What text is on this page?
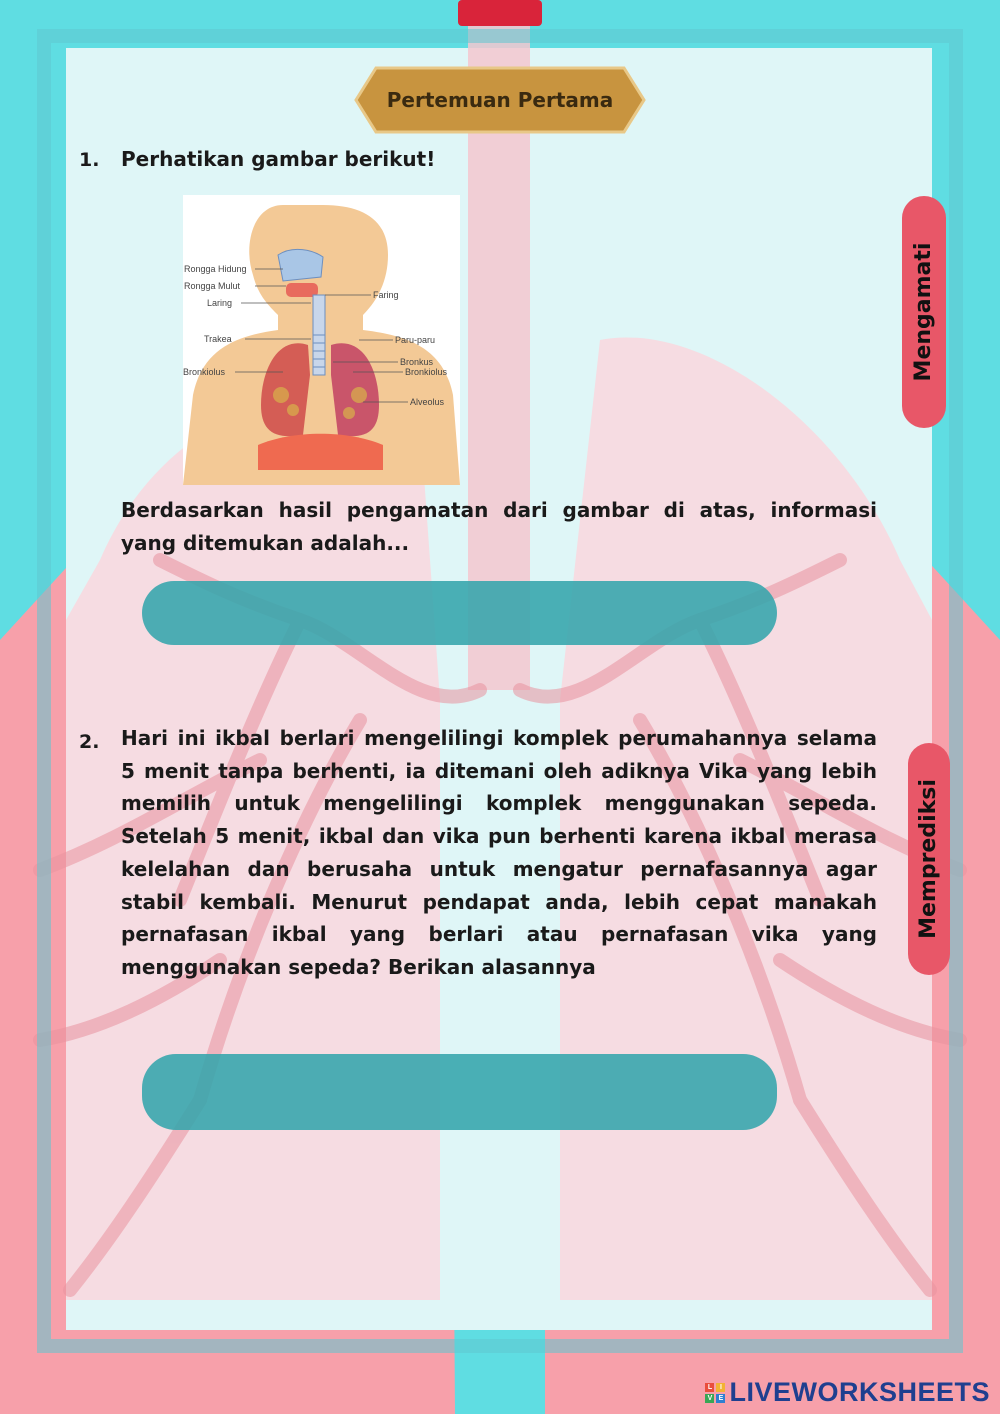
Pertemuan Pertama
1. Perhatikan gambar berikut!
Rongga Hidung
Rongga Mulut
Laring
Trakea
Bronkiolus
Faring
Paru-paru
Bronkus
Bronkiolus
Alveolus
Berdasarkan hasil pengamatan dari gambar di atas, informasi yang ditemukan adalah...
2. Hari ini ikbal berlari mengelilingi komplek perumahannya selama 5 menit tanpa berhenti, ia ditemani oleh adiknya Vika yang lebih memilih untuk mengelilingi komplek menggunakan sepeda. Setelah 5 menit, ikbal dan vika pun berhenti karena ikbal merasa kelelahan dan berusaha untuk mengatur pernafasannya agar stabil kembali. Menurut pendapat anda, lebih cepat manakah pernafasan ikbal yang berlari atau pernafasan vika yang menggunakan sepeda? Berikan alasannya
Mengamati
Memprediksi
L	I
V E LIVEWORKSHEETS
